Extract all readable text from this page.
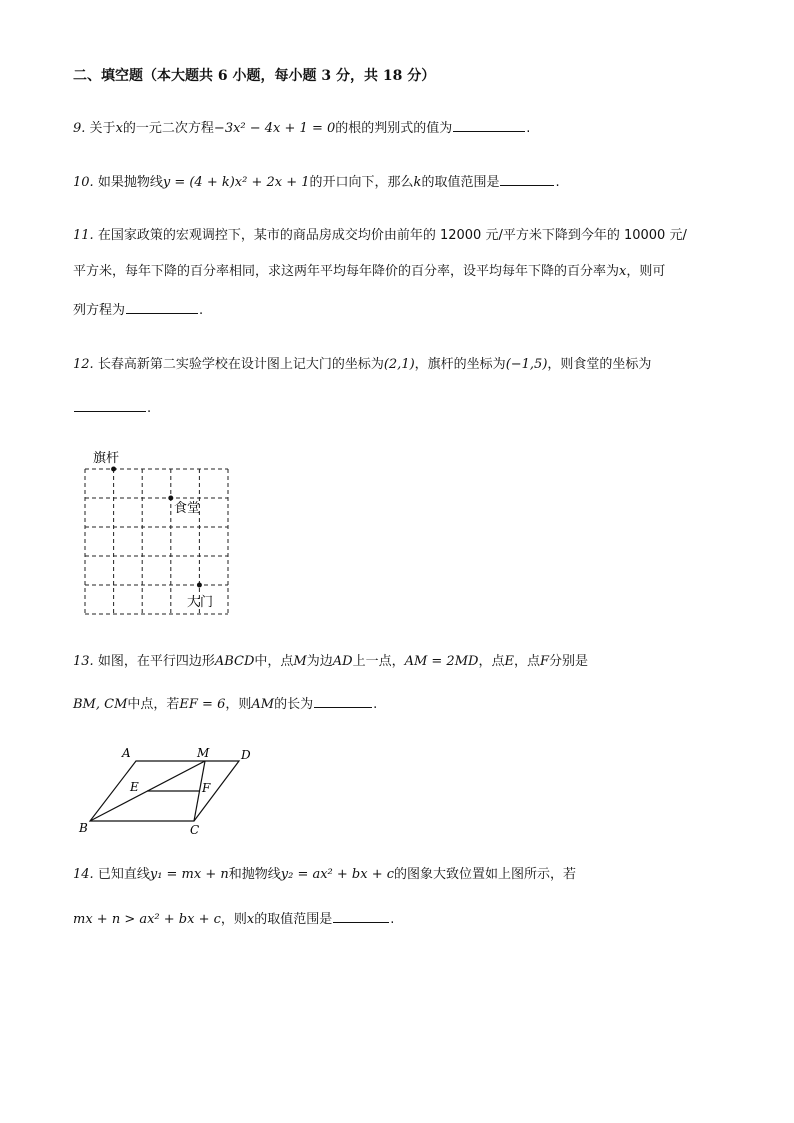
二、填空题（本大题共 6 小题，每小题 3 分，共 18 分）
9. 关于x的一元二次方程−3x² − 4x + 1 = 0的根的判别式的值为	.
10. 如果抛物线y = (4 + k)x² + 2x + 1的开口向下，那么k的取值范围是	.
11. 在国家政策的宏观调控下，某市的商品房成交均价由前年的 12000 元/平方米下降到今年的 10000 元/
平方米，每年下降的百分率相同，求这两年平均每年降价的百分率，设平均每年下降的百分率为x，则可
列方程为	.
12. 长春高新第二实验学校在设计图上记大门的坐标为(2,1)，旗杆的坐标为(−1,5)，则食堂的坐标为
.
旗杆
食堂
大门
13. 如图，在平行四边形ABCD中，点M为边AD上一点，AM = 2MD，点E，点F分别是
BM, CM中点，若EF = 6，则AM的长为	.
A	M	D
E	F
B	C
14. 已知直线y₁ = mx + n和抛物线y₂ = ax² + bx + c的图象大致位置如上图所示，若
mx + n > ax² + bx + c，则x的取值范围是	.
